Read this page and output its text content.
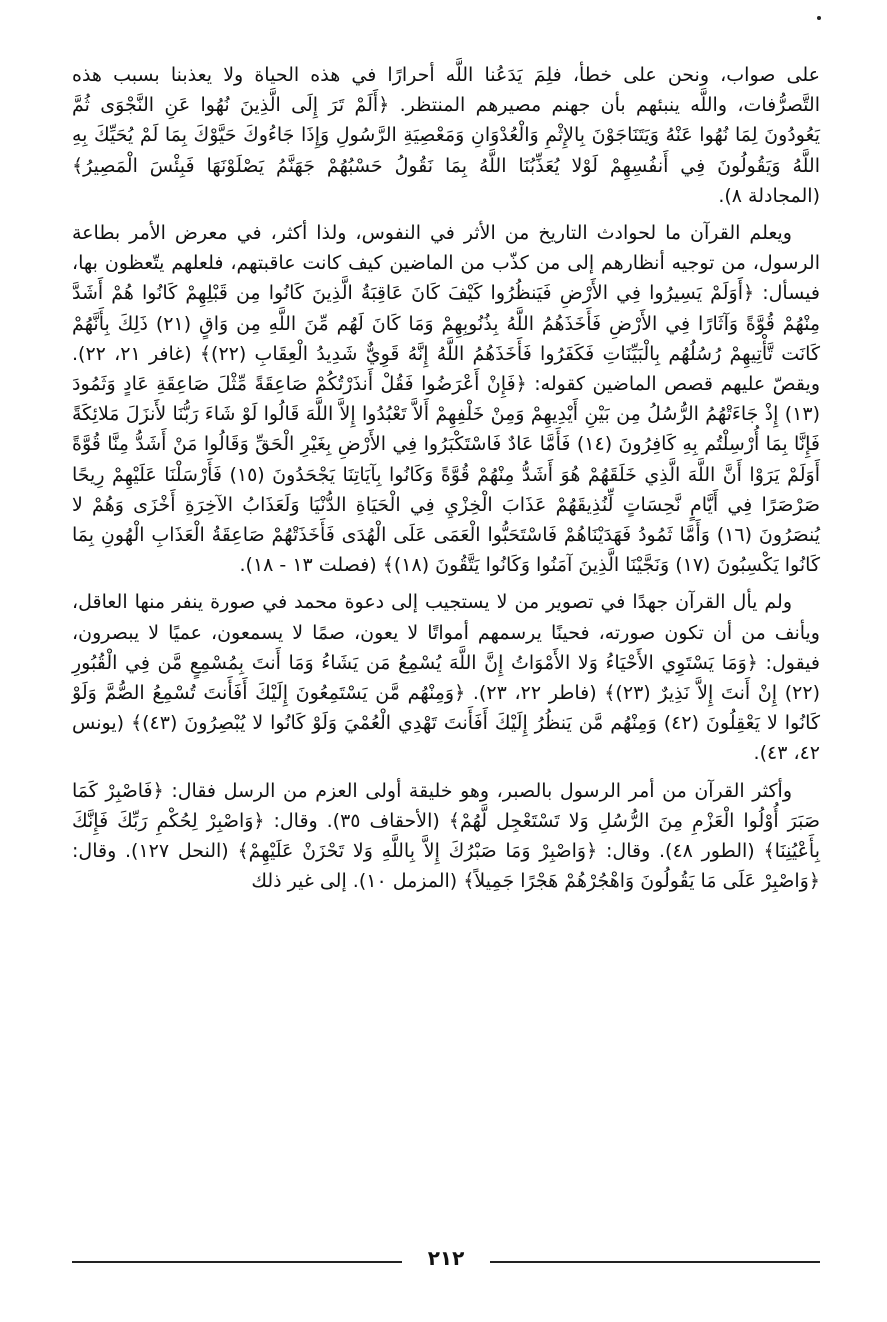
على صواب، ونحن على خطأ، فلِمَ يَدَعُنا اللَّه أحرارًا في هذه الحياة ولا يعذبنا بسبب هذه التَّصرُّفات، واللَّه ينبئهم بأن جهنم مصيرهم المنتظر. ﴿أَلَمْ تَرَ إِلَى الَّذِينَ نُهُوا عَنِ النَّجْوَى ثُمَّ يَعُودُونَ لِمَا نُهُوا عَنْهُ وَيَتَنَاجَوْنَ بِالإِثْمِ وَالْعُدْوَانِ وَمَعْصِيَةِ الرَّسُولِ وَإِذَا جَاءُوكَ حَيَّوْكَ بِمَا لَمْ يُحَيِّكَ بِهِ اللَّهُ وَيَقُولُونَ فِي أَنفُسِهِمْ لَوْلا يُعَذِّبُنَا اللَّهُ بِمَا نَقُولُ حَسْبُهُمْ جَهَنَّمُ يَصْلَوْنَهَا فَبِئْسَ الْمَصِيرُ﴾ (المجادلة ٨).

ويعلم القرآن ما لحوادث التاريخ من الأثر في النفوس، ولذا أكثر، في معرض الأمر بطاعة الرسول، من توجيه أنظارهم إلى من كذّب من الماضين كيف كانت عاقبتهم، فلعلهم يتّعظون بها، فيسأل: ﴿أَوَلَمْ يَسِيرُوا فِي الأَرْضِ فَيَنظُرُوا كَيْفَ كَانَ عَاقِبَةُ الَّذِينَ كَانُوا مِن قَبْلِهِمْ كَانُوا هُمْ أَشَدَّ مِنْهُمْ قُوَّةً وَآثَارًا فِي الأَرْضِ فَأَخَذَهُمُ اللَّهُ بِذُنُوبِهِمْ وَمَا كَانَ لَهُم مِّنَ اللَّهِ مِن وَاقٍ (٢١) ذَلِكَ بِأَنَّهُمْ كَانَت تَّأْتِيهِمْ رُسُلُهُم بِالْبَيِّنَاتِ فَكَفَرُوا فَأَخَذَهُمُ اللَّهُ إِنَّهُ قَوِيٌّ شَدِيدُ الْعِقَابِ (٢٢)﴾ (غافر ٢١، ٢٢). ويقصّ عليهم قصص الماضين كقوله: ﴿فَإِنْ أَعْرَضُوا فَقُلْ أَنذَرْتُكُمْ صَاعِقَةً مِّثْلَ صَاعِقَةِ عَادٍ وَثَمُودَ (١٣) إِذْ جَاءَتْهُمُ الرُّسُلُ مِن بَيْنِ أَيْدِيهِمْ وَمِنْ خَلْفِهِمْ أَلاَّ تَعْبُدُوا إِلاَّ اللَّهَ قَالُوا لَوْ شَاءَ رَبُّنَا لأَنزَلَ مَلائِكَةً فَإِنَّا بِمَا أُرْسِلْتُم بِهِ كَافِرُونَ (١٤) فَأَمَّا عَادٌ فَاسْتَكْبَرُوا فِي الأَرْضِ بِغَيْرِ الْحَقِّ وَقَالُوا مَنْ أَشَدُّ مِنَّا قُوَّةً أَوَلَمْ يَرَوْا أَنَّ اللَّهَ الَّذِي خَلَقَهُمْ هُوَ أَشَدُّ مِنْهُمْ قُوَّةً وَكَانُوا بِآيَاتِنَا يَجْحَدُونَ (١٥) فَأَرْسَلْنَا عَلَيْهِمْ رِيحًا صَرْصَرًا فِي أَيَّامٍ نَّحِسَاتٍ لِّنُذِيقَهُمْ عَذَابَ الْخِزْيِ فِي الْحَيَاةِ الدُّنْيَا وَلَعَذَابُ الآخِرَةِ أَخْزَى وَهُمْ لا يُنصَرُونَ (١٦) وَأَمَّا ثَمُودُ فَهَدَيْنَاهُمْ فَاسْتَحَبُّوا الْعَمَى عَلَى الْهُدَى فَأَخَذَتْهُمْ صَاعِقَةُ الْعَذَابِ الْهُونِ بِمَا كَانُوا يَكْسِبُونَ (١٧) وَنَجَّيْنَا الَّذِينَ آمَنُوا وَكَانُوا يَتَّقُونَ (١٨)﴾ (فصلت ١٣ - ١٨).

ولم يأل القرآن جهدًا في تصوير من لا يستجيب إلى دعوة محمد في صورة ينفر منها العاقل، ويأنف من أن تكون صورته، فحينًا يرسمهم أمواتًا لا يعون، صمًا لا يسمعون، عميًا لا يبصرون، فيقول: ﴿وَمَا يَسْتَوِي الأَحْيَاءُ وَلا الأَمْوَاتُ إِنَّ اللَّهَ يُسْمِعُ مَن يَشَاءُ وَمَا أَنتَ بِمُسْمِعٍ مَّن فِي الْقُبُورِ (٢٢) إِنْ أَنتَ إِلاَّ نَذِيرٌ (٢٣)﴾ (فاطر ٢٢، ٢٣). ﴿وَمِنْهُم مَّن يَسْتَمِعُونَ إِلَيْكَ أَفَأَنتَ تُسْمِعُ الصُّمَّ وَلَوْ كَانُوا لا يَعْقِلُونَ (٤٢) وَمِنْهُم مَّن يَنظُرُ إِلَيْكَ أَفَأَنتَ تَهْدِي الْعُمْيَ وَلَوْ كَانُوا لا يُبْصِرُونَ (٤٣)﴾ (يونس ٤٢، ٤٣).

وأكثر القرآن من أمر الرسول بالصبر، وهو خليقة أولى العزم من الرسل فقال: ﴿فَاصْبِرْ كَمَا صَبَرَ أُوْلُوا الْعَزْمِ مِنَ الرُّسُلِ وَلا تَسْتَعْجِل لَّهُمْ﴾ (الأحقاف ٣٥). وقال: ﴿وَاصْبِرْ لِحُكْمِ رَبِّكَ فَإِنَّكَ بِأَعْيُنِنَا﴾ (الطور ٤٨). وقال: ﴿وَاصْبِرْ وَمَا صَبْرُكَ إِلاَّ بِاللَّهِ وَلا تَحْزَنْ عَلَيْهِمْ﴾ (النحل ١٢٧). وقال: ﴿وَاصْبِرْ عَلَى مَا يَقُولُونَ وَاهْجُرْهُمْ هَجْرًا جَمِيلاً﴾ (المزمل ١٠). إلى غير ذلك

٢١٢
